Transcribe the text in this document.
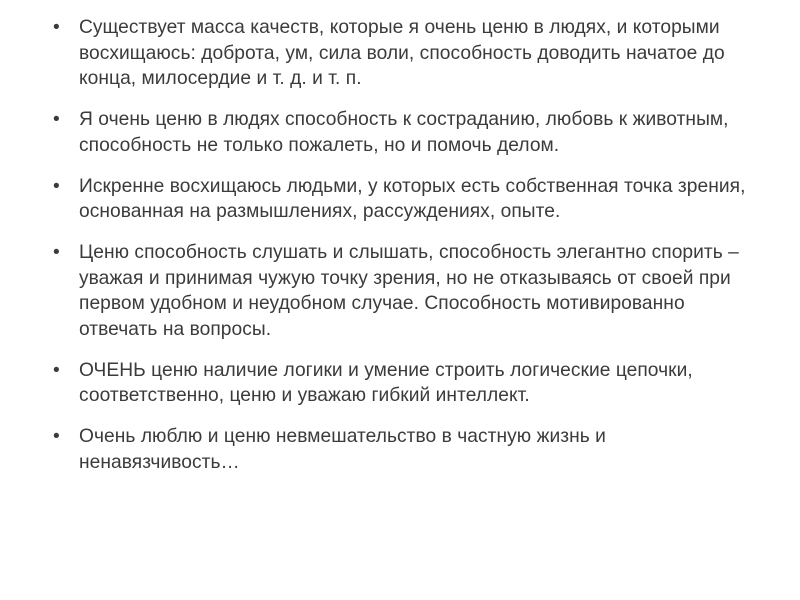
•	Существует масса качеств, которые я очень ценю в людях, и которыми восхищаюсь: доброта, ум, сила воли, способность доводить начатое до конца, милосердие и т. д. и т. п.
•	Я очень ценю в людях способность к состраданию, любовь к животным, способность не только пожалеть, но и помочь делом.
•	Искренне восхищаюсь людьми, у которых есть собственная точка зрения, основанная на размышлениях, рассуждениях, опыте.
•	Ценю способность слушать и слышать, способность элегантно спорить – уважая и принимая чужую точку зрения, но не отказываясь от своей при первом удобном и неудобном случае. Способность мотивированно отвечать на вопросы.
•	ОЧЕНЬ ценю наличие логики и умение строить логические цепочки, соответственно, ценю и уважаю гибкий интеллект.
•	Очень люблю и ценю невмешательство в частную жизнь и ненавязчивость…
